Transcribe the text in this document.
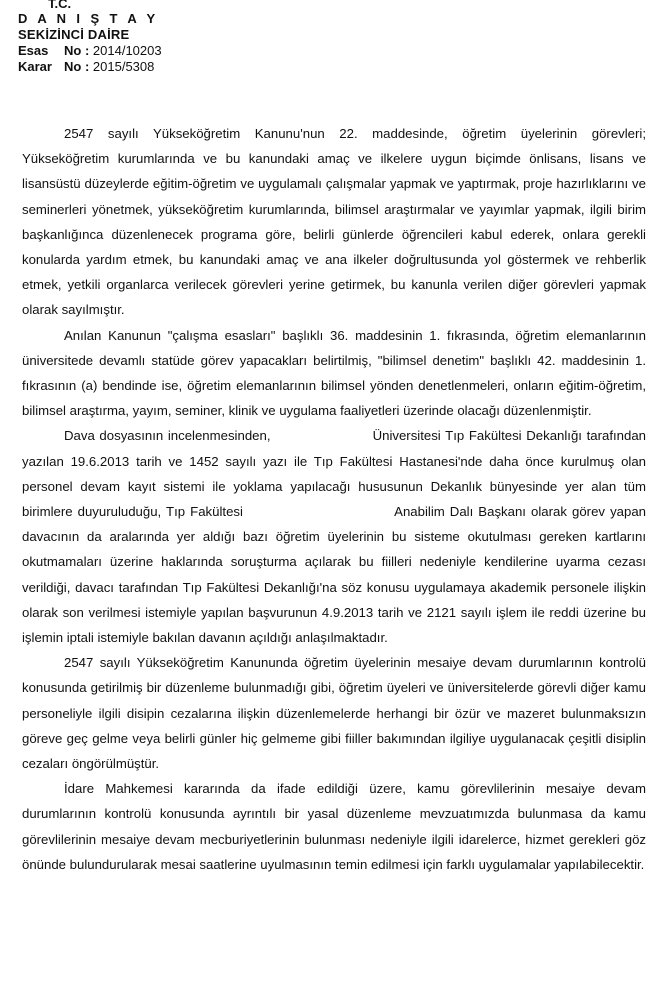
T.C.
D A N I Ş T A Y
SEKİZİNCİ DAİRE
Esas No : 2014/10203
Karar No : 2015/5308

2547 sayılı Yükseköğretim Kanunu'nun 22. maddesinde, öğretim üyelerinin görevleri; Yükseköğretim kurumlarında ve bu kanundaki amaç ve ilkelere uygun biçimde önlisans, lisans ve lisansüstü düzeylerde eğitim-öğretim ve uygulamalı çalışmalar yapmak ve yaptırmak, proje hazırlıklarını ve seminerleri yönetmek, yükseköğretim kurumlarında, bilimsel araştırmalar ve yayımlar yapmak, ilgili birim başkanlığınca düzenlenecek programa göre, belirli günlerde öğrencileri kabul ederek, onlara gerekli konularda yardım etmek, bu kanundaki amaç ve ana ilkeler doğrultusunda yol göstermek ve rehberlik etmek, yetkili organlarca verilecek görevleri yerine getirmek, bu kanunla verilen diğer görevleri yapmak olarak sayılmıştır.

Anılan Kanunun "çalışma esasları" başlıklı 36. maddesinin 1. fıkrasında, öğretim elemanlarının üniversitede devamlı statüde görev yapacakları belirtilmiş, "bilimsel denetim" başlıklı 42. maddesinin 1. fıkrasının (a) bendinde ise, öğretim elemanlarının bilimsel yönden denetlenmeleri, onların eğitim-öğretim, bilimsel araştırma, yayım, seminer, klinik ve uygulama faaliyetleri üzerinde olacağı düzenlenmiştir.

Dava dosyasının incelenmesinden,                      Üniversitesi Tıp Fakültesi Dekanlığı tarafından yazılan 19.6.2013 tarih ve 1452 sayılı yazı ile Tıp Fakültesi Hastanesi'nde daha önce kurulmuş olan personel devam kayıt sistemi ile yoklama yapılacağı hususunun Dekanlık bünyesinde yer alan tüm birimlere duyuruluduğu, Tıp Fakültesi                              Anabilim Dalı Başkanı olarak görev yapan davacının da aralarında yer aldığı bazı öğretim üyelerinin bu sisteme okutulması gereken kartlarını okutmamaları üzerine haklarında soruşturma açılarak bu fiilleri nedeniyle kendilerine uyarma cezası verildiği, davacı tarafından Tıp Fakültesi Dekanlığı'na söz konusu uygulamaya akademik personele ilişkin olarak son verilmesi istemiyle yapılan başvurunun 4.9.2013 tarih ve 2121 sayılı işlem ile reddi üzerine bu işlemin iptali istemiyle bakılan davanın açıldığı anlaşılmaktadır.

2547 sayılı Yükseköğretim Kanununda öğretim üyelerinin mesaiye devam durumlarının kontrolü konusunda getirilmiş bir düzenleme bulunmadığı gibi, öğretim üyeleri ve üniversitelerde görevli diğer kamu personeliyle ilgili disipin cezalarına ilişkin düzenlemelerde herhangi bir özür ve mazeret bulunmaksızın göreve geç gelme veya belirli günler hiç gelmeme gibi fiiller bakımından ilgiliye uygulanacak çeşitli disiplin cezaları öngörülmüştür.

İdare Mahkemesi kararında da ifade edildiği üzere, kamu görevlilerinin mesaiye devam durumlarının kontrolü konusunda ayrıntılı bir yasal düzenleme mevzuatımızda bulunmasa da kamu görevlilerinin mesaiye devam mecburiyetlerinin bulunması nedeniyle ilgili idarelerce, hizmet gerekleri göz önünde bulundurularak mesai saatlerine uyulmasının temin edilmesi için farklı uygulamalar yapılabilecektir.
